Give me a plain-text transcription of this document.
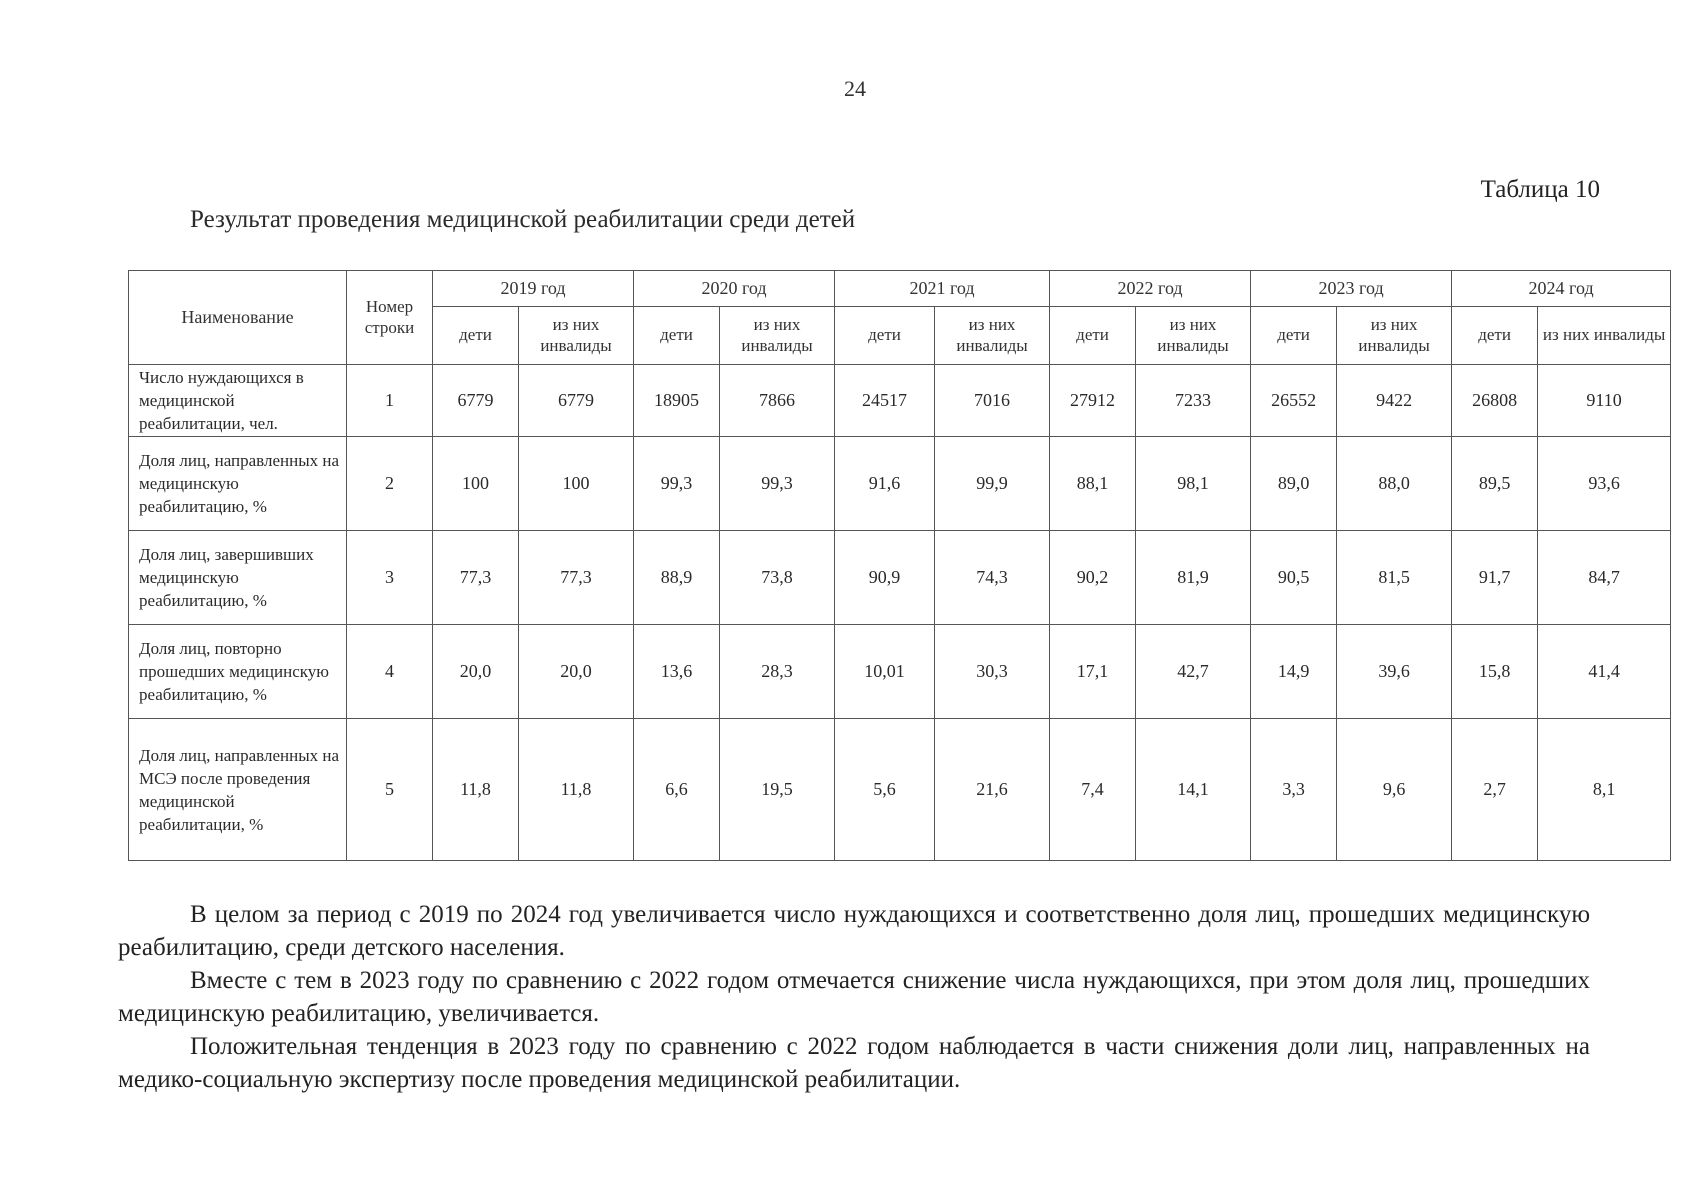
24
Таблица 10
Результат проведения медицинской реабилитации среди детей
Наименование	Номер строки	2019 год		2020 год		2021 год		2022 год		2023 год		2024 год	
		дети	из них инвалиды	дети	из них инвалиды	дети	из них инвалиды	дети	из них инвалиды	дети	из них инвалиды	дети	из них инвалиды
Число нуждающихся в медицинской реабилитации, чел.	1	6779	6779	18905	7866	24517	7016	27912	7233	26552	9422	26808	9110
Доля лиц, направленных на медицинскую реабилитацию, %	2	100	100	99,3	99,3	91,6	99,9	88,1	98,1	89,0	88,0	89,5	93,6
Доля лиц, завершивших медицинскую реабилитацию, %	3	77,3	77,3	88,9	73,8	90,9	74,3	90,2	81,9	90,5	81,5	91,7	84,7
Доля лиц, повторно прошедших медицинскую реабилитацию, %	4	20,0	20,0	13,6	28,3	10,01	30,3	17,1	42,7	14,9	39,6	15,8	41,4
Доля лиц, направленных на МСЭ после проведения медицинской реабилитации, %	5	11,8	11,8	6,6	19,5	5,6	21,6	7,4	14,1	3,3	9,6	2,7	8,1

В целом за период с 2019 по 2024 год увеличивается число нуждающихся и соответственно доля лиц, прошедших медицинскую реабилитацию, среди детского населения.

Вместе с тем в 2023 году по сравнению с 2022 годом отмечается снижение числа нуждающихся, при этом доля лиц, прошедших медицинскую реабилитацию, увеличивается.

Положительная тенденция в 2023 году по сравнению с 2022 годом наблюдается в части снижения доли лиц, направленных на медико-социальную экспертизу после проведения медицинской реабилитации.
